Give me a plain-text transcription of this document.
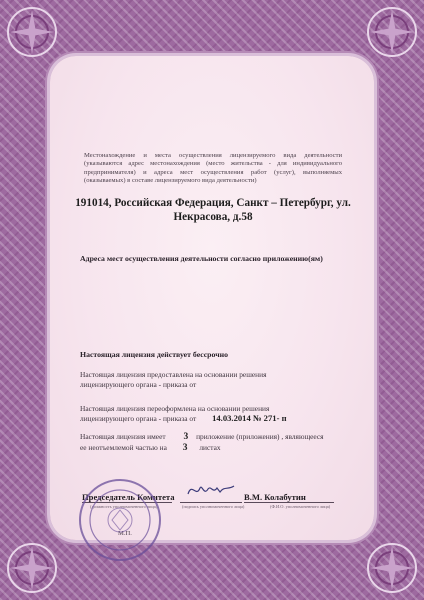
Местонахождение и места осуществления лицензируемого вида деятельности (указываются адрес местонахождения (место жительства - для индивидуального предпринимателя) и адреса мест осуществления работ (услуг), выполняемых (оказываемых) в составе лицензируемого вида деятельности)
191014, Российская Федерация, Санкт – Петербург, ул. Некрасова, д.58
Адреса мест осуществления деятельности согласно приложению(ям)
Настоящая лицензия действует бессрочно
Настоящая лицензия предоставлена на основании решения
лицензирующего органа - приказа от
Настоящая лицензия переоформлена на основании решения
лицензирующего органа - приказа от 14.03.2014 № 271- п
Настоящая лицензия имеет 3 приложение (приложения) , являющееся
ее неотъемлемой частью на 3 листах
Председатель Комитета	В.М. Колабутин
(должность уполномоченного лица)	(подпись уполномоченного лица)	(Ф.И.О. уполномоченного лица)
М.П.
